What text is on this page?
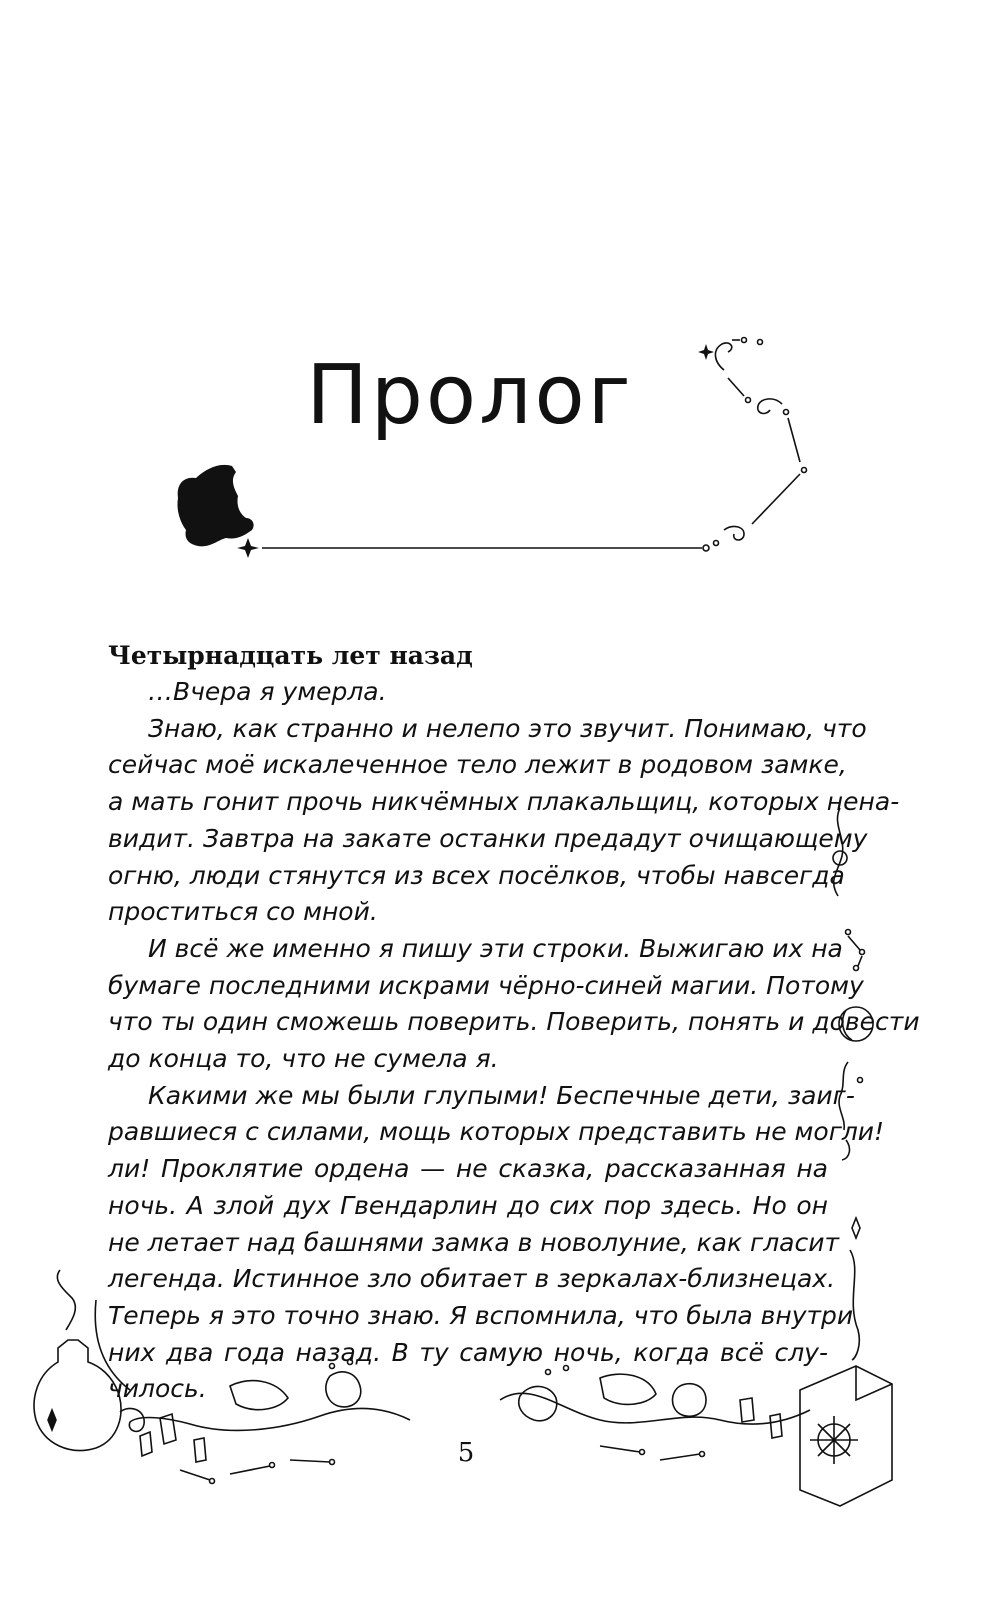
Пролог
Четырнадцать лет назад
…Вчера я умерла.
Знаю, как странно и нелепо это звучит. Понимаю, что
сейчас моё искалеченное тело лежит в родовом замке,
а мать гонит прочь никчёмных плакальщиц, которых нена-
видит. Завтра на закате останки предадут очищающему
огню, люди стянутся из всех посёлков, чтобы навсегда
проститься со мной.
И всё же именно я пишу эти строки. Выжигаю их на
бумаге последними искрами чёрно-синей магии. Потому
что ты один сможешь поверить. Поверить, понять и довести
до конца то, что не сумела я.
Какими же мы были глупыми! Беспечные дети, заиг-
равшиеся с силами, мощь которых представить не могли!
ли! Проклятие ордена — не сказка, рассказанная на
ночь. А злой дух Гвендарлин до сих пор здесь. Но он
не летает над башнями замка в новолуние, как гласит
легенда. Истинное зло обитает в зеркалах-близнецах.
Теперь я это точно знаю. Я вспомнила, что была внутри
них два года назад. В ту самую ночь, когда всё слу-
чилось.
5
